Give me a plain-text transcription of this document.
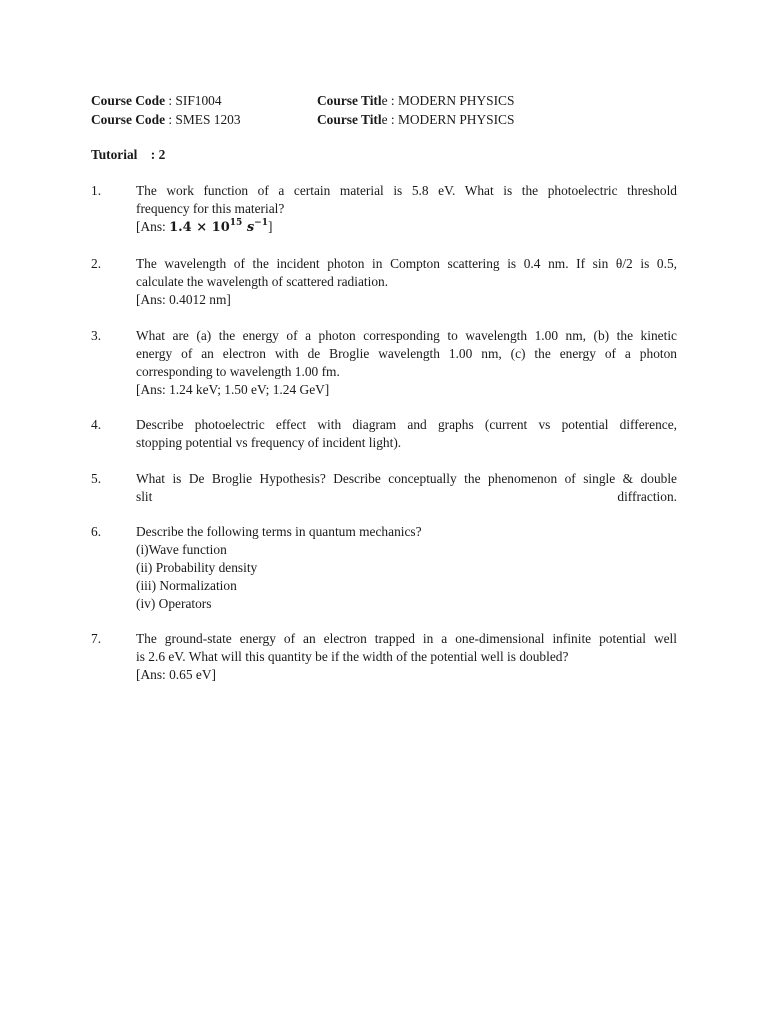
Course Code : SIF1004	Course Title : MODERN PHYSICS
Course Code : SMES 1203	Course Title : MODERN PHYSICS
Tutorial : 2
1.	The work function of a certain material is 5.8 eV. What is the photoelectric threshold
frequency for this material?
[Ans: $1.4 \times 10^{15}$ $s^{-1}$]
2.	The wavelength of the incident photon in Compton scattering is 0.4 nm. If sin θ/2 is 0.5,
calculate the wavelength of scattered radiation.
[Ans: 0.4012 nm]
3.	What are (a) the energy of a photon corresponding to wavelength 1.00 nm, (b) the kinetic
energy of an electron with de Broglie wavelength 1.00 nm, (c) the energy of a photon
corresponding to wavelength 1.00 fm.
[Ans: 1.24 keV; 1.50 eV; 1.24 GeV]
4.	Describe photoelectric effect with diagram and graphs (current vs potential difference,
stopping potential vs frequency of incident light).
5.	What is De Broglie Hypothesis? Describe conceptually the phenomenon of single & double
slit diffraction.
6.	Describe the following terms in quantum mechanics?
(i)Wave function
(ii) Probability density
(iii) Normalization
(iv) Operators
7.	The ground-state energy of an electron trapped in a one-dimensional infinite potential well
is 2.6 eV. What will this quantity be if the width of the potential well is doubled?
[Ans: 0.65 eV]
